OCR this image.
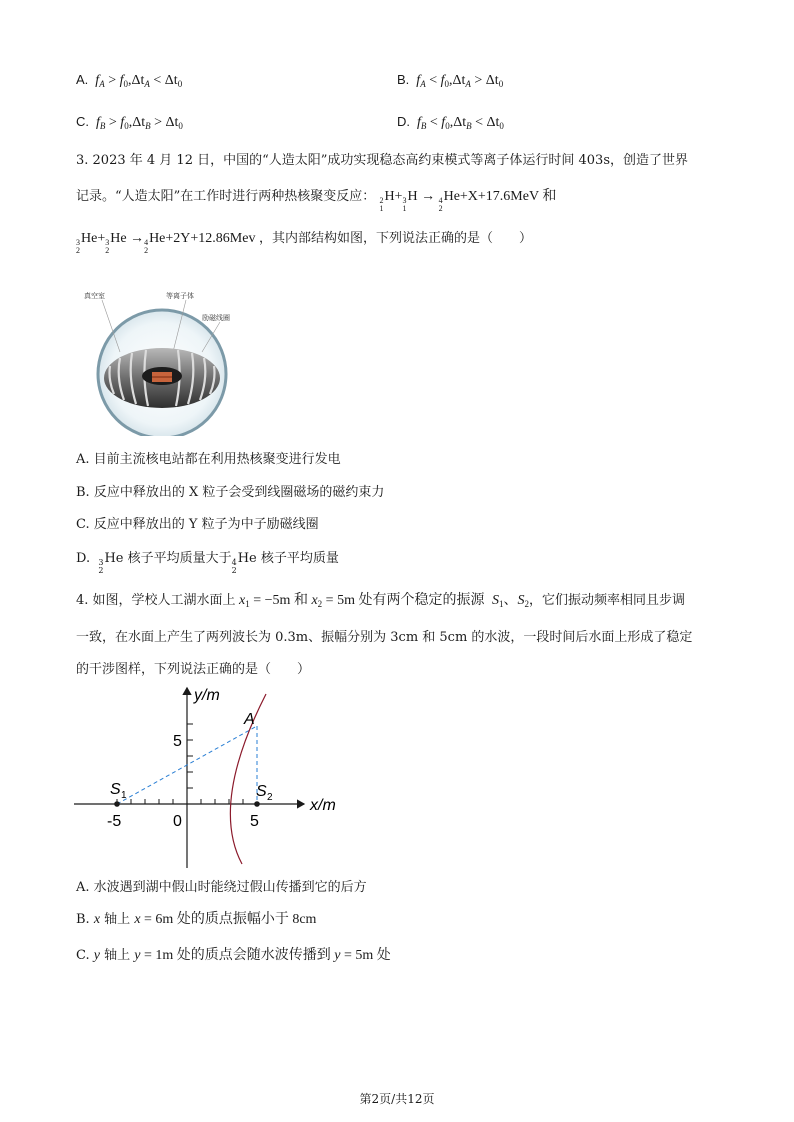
A. $f_A > f_0,\Delta t_A < \Delta t_0$	B. $f_A < f_0,\Delta t_A > \Delta t_0$
C. $f_B > f_0,\Delta t_B > \Delta t_0$	D. $f_B < f_0,\Delta t_B < \Delta t_0$
3. 2023 年 4 月 12 日，中国的“人造太阳”成功实现稳态高约束模式等离子体运行时间 403s，创造了世界
记录。“人造太阳”在工作时进行两种热核聚变反应： 2
1
H+ 3
1
H → 4
2
He+X+17.6MeV 和
3
2
He+ 3
2
He → 4
2
He+2Y+12.86Mev ，其内部结构如图，下列说法正确的是（　　）
真空室	等离子体
励磁线圈
A. 目前主流核电站都在利用热核聚变进行发电
B. 反应中释放出的 X 粒子会受到线圈磁场的磁约束力
C. 反应中释放出的 Y 粒子为中子励磁线圈
D. 3
2
He 核子平均质量大于 4
2
He 核子平均质量
4. 如图，学校人工湖水面上 $x_1 = -5m$ 和 $x_2 = 5m$ 处有两个稳定的振源 $S_1$、$S_2$，它们振动频率相同且步调
一致，在水面上产生了两列波长为 0.3m、振幅分别为 3cm 和 5cm 的水波，一段时间后水面上形成了稳定
的干涉图样，下列说法正确的是（　　）
y/m
x/m
5
-5	0	5
A
S 1	S 2
A. 水波遇到湖中假山时能绕过假山传播到它的后方
B. x 轴上 x = 6m 处的质点振幅小于 8cm
C. y 轴上 y = 1m 处的质点会随水波传播到 y = 5m 处
第2页/共12页
